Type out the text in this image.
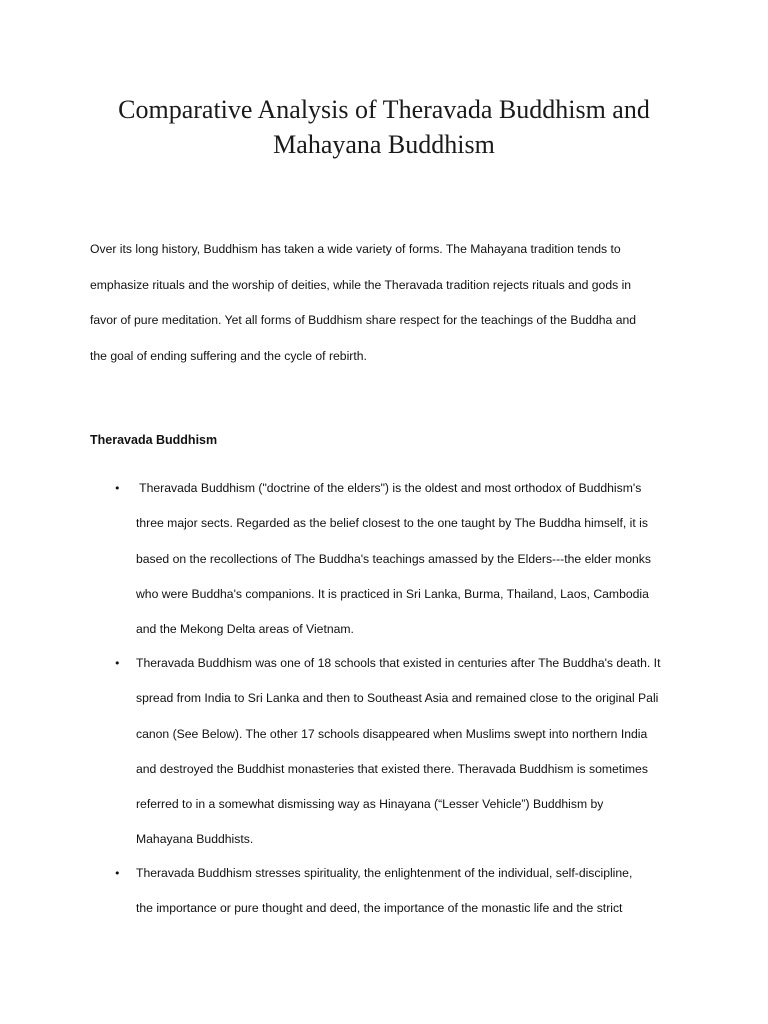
Comparative Analysis of Theravada Buddhism and
Mahayana Buddhism

Over its long history, Buddhism has taken a wide variety of forms. The Mahayana tradition tends to
emphasize rituals and the worship of deities, while the Theravada tradition rejects rituals and gods in
favor of pure meditation. Yet all forms of Buddhism share respect for the teachings of the Buddha and
the goal of ending suffering and the cycle of rebirth.

Theravada Buddhism
• Theravada Buddhism ("doctrine of the elders") is the oldest and most orthodox of Buddhism's
three major sects. Regarded as the belief closest to the one taught by The Buddha himself, it is
based on the recollections of The Buddha's teachings amassed by the Elders---the elder monks
who were Buddha's companions. It is practiced in Sri Lanka, Burma, Thailand, Laos, Cambodia
and the Mekong Delta areas of Vietnam.
• Theravada Buddhism was one of 18 schools that existed in centuries after The Buddha's death. It
spread from India to Sri Lanka and then to Southeast Asia and remained close to the original Pali
canon (See Below). The other 17 schools disappeared when Muslims swept into northern India
and destroyed the Buddhist monasteries that existed there. Theravada Buddhism is sometimes
referred to in a somewhat dismissing way as Hinayana (“Lesser Vehicle”) Buddhism by
Mahayana Buddhists.
• Theravada Buddhism stresses spirituality, the enlightenment of the individual, self-discipline,
the importance or pure thought and deed, the importance of the monastic life and the strict
